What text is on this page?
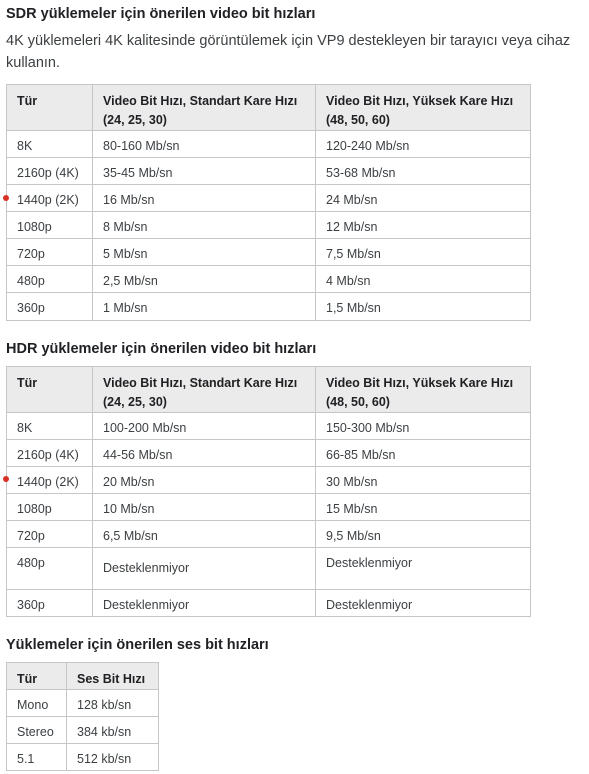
SDR yüklemeler için önerilen video bit hızları

4K yüklemeleri 4K kalitesinde görüntülemek için VP9 destekleyen bir tarayıcı veya cihaz kullanın.

Tür	Video Bit Hızı, Standart Kare Hızı (24, 25, 30)	Video Bit Hızı, Yüksek Kare Hızı (48, 50, 60)
8K	80-160 Mb/sn	120-240 Mb/sn
2160p (4K)	35-45 Mb/sn	53-68 Mb/sn
1440p (2K)	16 Mb/sn	24 Mb/sn
1080p	8 Mb/sn	12 Mb/sn
720p	5 Mb/sn	7,5 Mb/sn
480p	2,5 Mb/sn	4 Mb/sn
360p	1 Mb/sn	1,5 Mb/sn
HDR yüklemeler için önerilen video bit hızları
Tür	Video Bit Hızı, Standart Kare Hızı (24, 25, 30)	Video Bit Hızı, Yüksek Kare Hızı (48, 50, 60)
8K	100-200 Mb/sn	150-300 Mb/sn
2160p (4K)	44-56 Mb/sn	66-85 Mb/sn
1440p (2K)	20 Mb/sn	30 Mb/sn
1080p	10 Mb/sn	15 Mb/sn
720p	6,5 Mb/sn	9,5 Mb/sn
480p	Desteklenmiyor	Desteklenmiyor
360p	Desteklenmiyor	Desteklenmiyor
Yüklemeler için önerilen ses bit hızları
Tür	Ses Bit Hızı
Mono	128 kb/sn
Stereo	384 kb/sn
5.1	512 kb/sn
